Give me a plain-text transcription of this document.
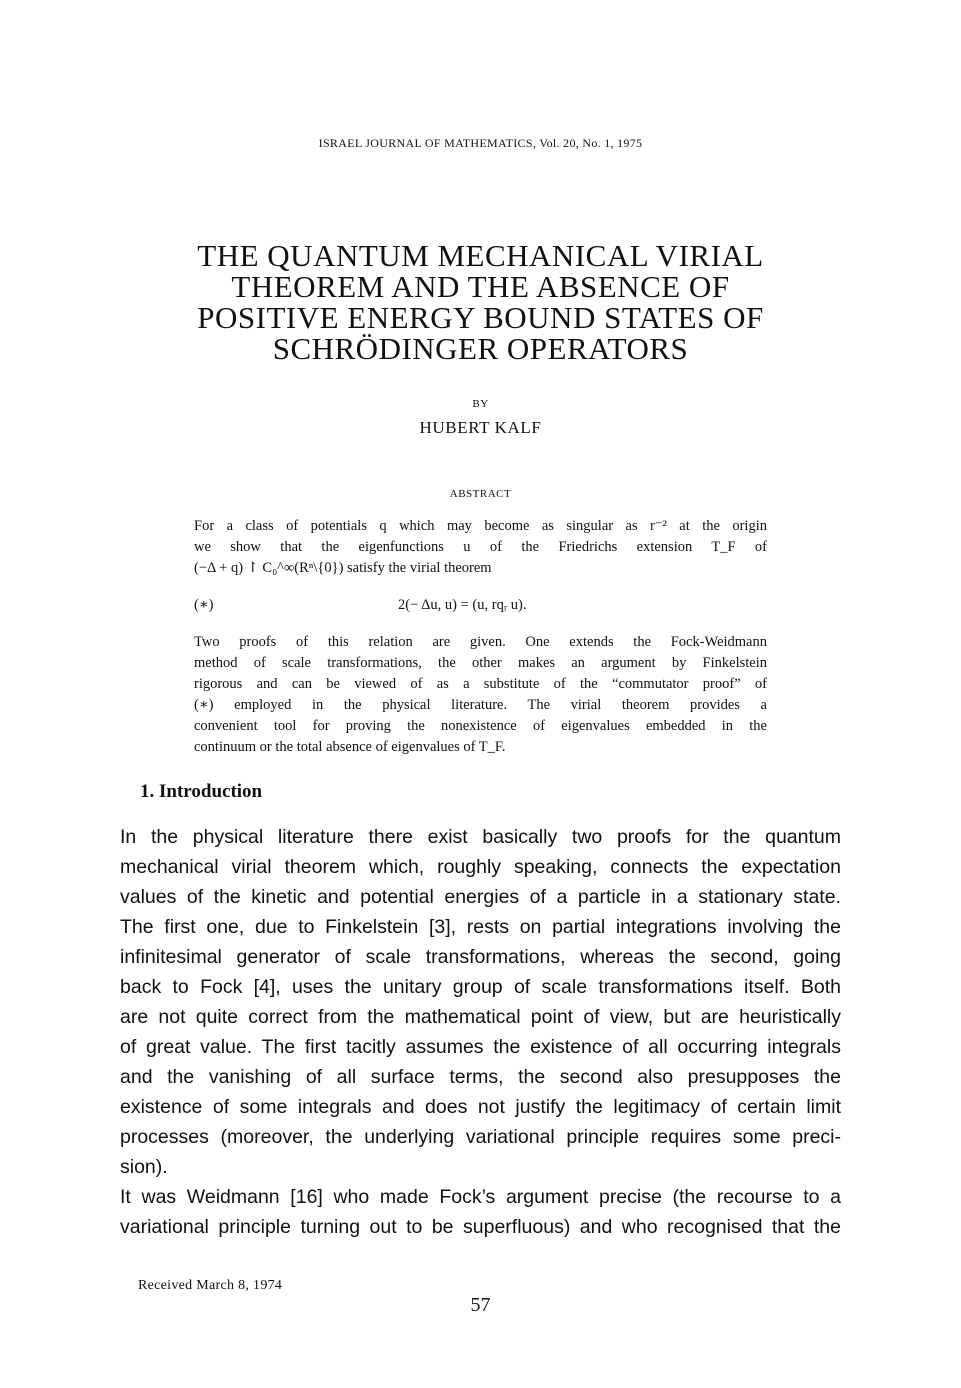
ISRAEL JOURNAL OF MATHEMATICS, Vol. 20, No. 1, 1975
THE QUANTUM MECHANICAL VIRIAL
THEOREM AND THE ABSENCE OF
POSITIVE ENERGY BOUND STATES OF
SCHRÖDINGER OPERATORS
BY
HUBERT KALF
ABSTRACT
For a class of potentials q which may become as singular as r⁻² at the origin
we show that the eigenfunctions u of the Friedrichs extension T_F of
(−Δ + q) ↾ C₀^∞(Rⁿ\{0}) satisfy the virial theorem
(∗)	2(− Δu, u) = (u, rqᵣ u).
Two proofs of this relation are given. One extends the Fock-Weidmann
method of scale transformations, the other makes an argument by Finkelstein
rigorous and can be viewed of as a substitute of the “commutator proof” of
(∗) employed in the physical literature. The virial theorem provides a
convenient tool for proving the nonexistence of eigenvalues embedded in the
continuum or the total absence of eigenvalues of T_F.
1. Introduction
In the physical literature there exist basically two proofs for the quantum
mechanical virial theorem which, roughly speaking, connects the expectation
values of the kinetic and potential energies of a particle in a stationary state.
The first one, due to Finkelstein [3], rests on partial integrations involving the
infinitesimal generator of scale transformations, whereas the second, going
back to Fock [4], uses the unitary group of scale transformations itself. Both
are not quite correct from the mathematical point of view, but are heuristically
of great value. The first tacitly assumes the existence of all occurring integrals
and the vanishing of all surface terms, the second also presupposes the
existence of some integrals and does not justify the legitimacy of certain limit
processes (moreover, the underlying variational principle requires some preci-
sion).
It was Weidmann [16] who made Fock’s argument precise (the recourse to a
variational principle turning out to be superfluous) and who recognised that the
Received March 8, 1974
57
